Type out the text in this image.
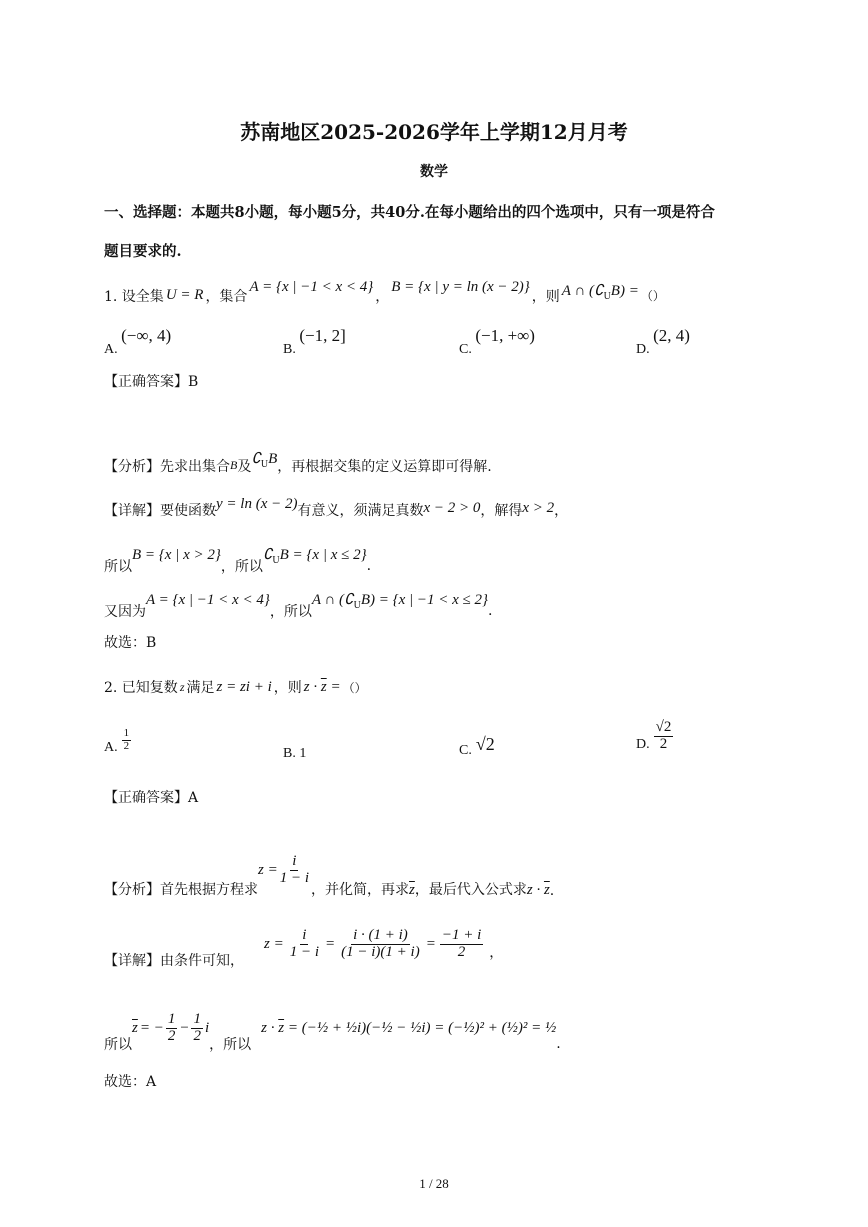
苏南地区2025-2026学年上学期12月月考
数学
一、选择题：本题共8小题，每小题5分，共40分.在每小题给出的四个选项中，只有一项是符合
题目要求的.
1. 设全集 U = R ，集合
A = {x | −1 < x < 4}
，
B = {x | y = ln (x − 2)}
，则 A ∩ $(∁_UB)$ = （）
A. (−∞, 4)
B. (−1, 2]
C. (−1, +∞)
D. (2, 4)
【正确答案】B
【分析】先求出集合 B 及 $∁_UB$ ，再根据交集的定义运算即可得解.
【详解】要使函数 y = ln (x − 2) 有意义，须满足真数 x − 2 > 0 ，解得 x > 2 ，
所以
B = {x | x > 2}
，所以
$∁_UB = \{x$ | x ≤ 2}
.
又因为
A = {x | −1 < x < 4}
，所以
A ∩ $(∁_UB) = \{x$ | −1 < x ≤ 2}
.
故选：B
2. 已知复数 z 满足 z = zi + i ，则 $z \cdot \overline{z}$ = （）
A. $\frac{1}{2}$
B. 1	C. √2	D. $\frac{√2}{2}$
【正确答案】A
【分析】首先根据方程求
$z = \frac{i}{1 - i}$
，并化简，再求 $\overline{z}$ ，最后代入公式求 $z \cdot \overline{z}$ .
【详解】由条件可知，
$z = \frac{i}{1 - i} = \frac{i \cdot (1 + i)}{(1 - i)(1 + i)} = \frac{-1 + i}{2}$ ，
所以
$\overline{z}$ = − $\frac{1}{2} - \frac{1}{2}$ i
，所以
$z \cdot \overline{z}$ = (−½ + ½i)(−½ − ½i) = (−½)² + (½)² = ½
.
故选：A
1 / 28
